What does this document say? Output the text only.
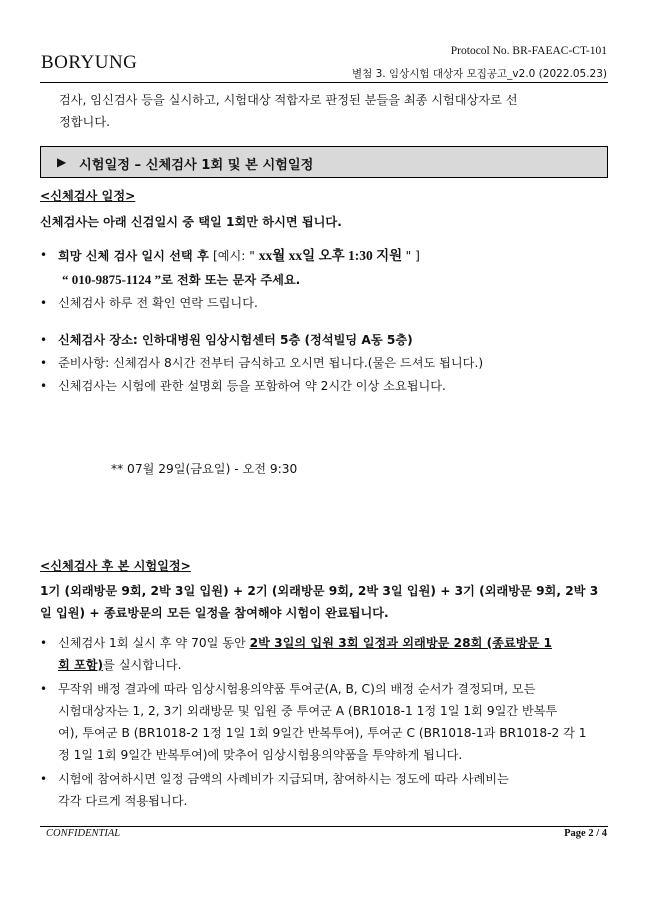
BORYUNG
Protocol No. BR-FAEAC-CT-101
별첨 3. 임상시험 대상자 모집공고_v2.0 (2022.05.23)
검사, 임신검사 등을 실시하고, 시험대상 적합자로 판정된 분들을 최종 시험대상자로 선
정합니다.
▶ 시험일정 – 신체검사 1회 및 본 시험일정
<신체검사 일정>
신체검사는 아래 신검일시 중 택일 1회만 하시면 됩니다.
• 희망 신체 검사 일시 선택 후 [예시: " xx월 xx일 오후 1:30 지원 " ]
“ 010-9875-1124 ”로 전화 또는 문자 주세요.
• 신체검사 하루 전 확인 연락 드립니다.
• 신체검사 장소: 인하대병원 임상시험센터 5층 (정석빌딩 A동 5층)
• 준비사항: 신체검사 8시간 전부터 금식하고 오시면 됩니다.(물은 드셔도 됩니다.)
• 신체검사는 시험에 관한 설명회 등을 포함하여 약 2시간 이상 소요됩니다.
** 07월 29일(금요일) - 오전 9:30
<신체검사 후 본 시험일정>
1기 (외래방문 9회, 2박 3일 입원) + 2기 (외래방문 9회, 2박 3일 입원) + 3기 (외래방문 9회, 2박 3
일 입원) + 종료방문의 모든 일정을 참여해야 시험이 완료됩니다.
• 신체검사 1회 실시 후 약 70일 동안 2박 3일의 입원 3회 일정과 외래방문 28회 (종료방문 1
회 포함)를 실시합니다.
• 무작위 배정 결과에 따라 임상시험용의약품 투여군(A, B, C)의 배정 순서가 결정되며, 모든
시험대상자는 1, 2, 3기 외래방문 및 입원 중 투여군 A (BR1018-1 1정 1일 1회 9일간 반복투
여), 투여군 B (BR1018-2 1정 1일 1회 9일간 반복투여), 투여군 C (BR1018-1과 BR1018-2 각 1
정 1일 1회 9일간 반복투여)에 맞추어 임상시험용의약품을 투약하게 됩니다.
• 시험에 참여하시면 일정 금액의 사례비가 지급되며, 참여하시는 정도에 따라 사례비는
각각 다르게 적용됩니다.
CONFIDENTIAL	Page 2 / 4
